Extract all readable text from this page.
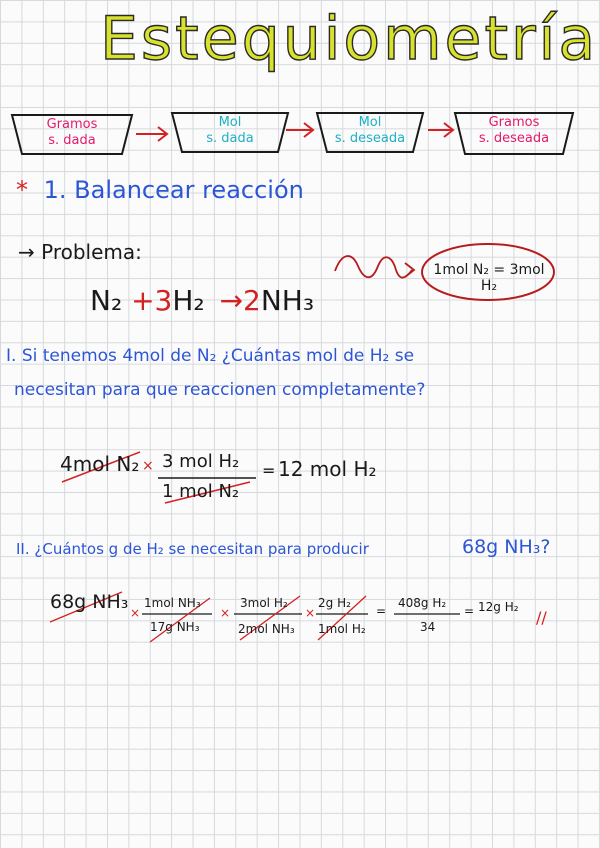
Estequiometría
Gramos
s. dada
Mol
s. dada
Mol
s. deseada
Gramos
s. deseada
* 1. Balancear reacción
→ Problema:
N₂ +3H₂ →2NH₃
1mol N₂ = 3mol H₂
I. Si tenemos 4mol de N₂ ¿Cuántas mol de H₂ se
necesitan para que reaccionen completamente?
4mol N₂ × 3 mol H₂
1 mol N₂
= 12 mol H₂
II. ¿Cuántos g de H₂ se necesitan para producir	68g NH₃?
68g NH₃ ×
1mol NH₃
17g NH₃
×
3mol H₂
2mol NH₃
×
2g H₂
1mol H₂
=
408g H₂
34
= 12g H₂
//
